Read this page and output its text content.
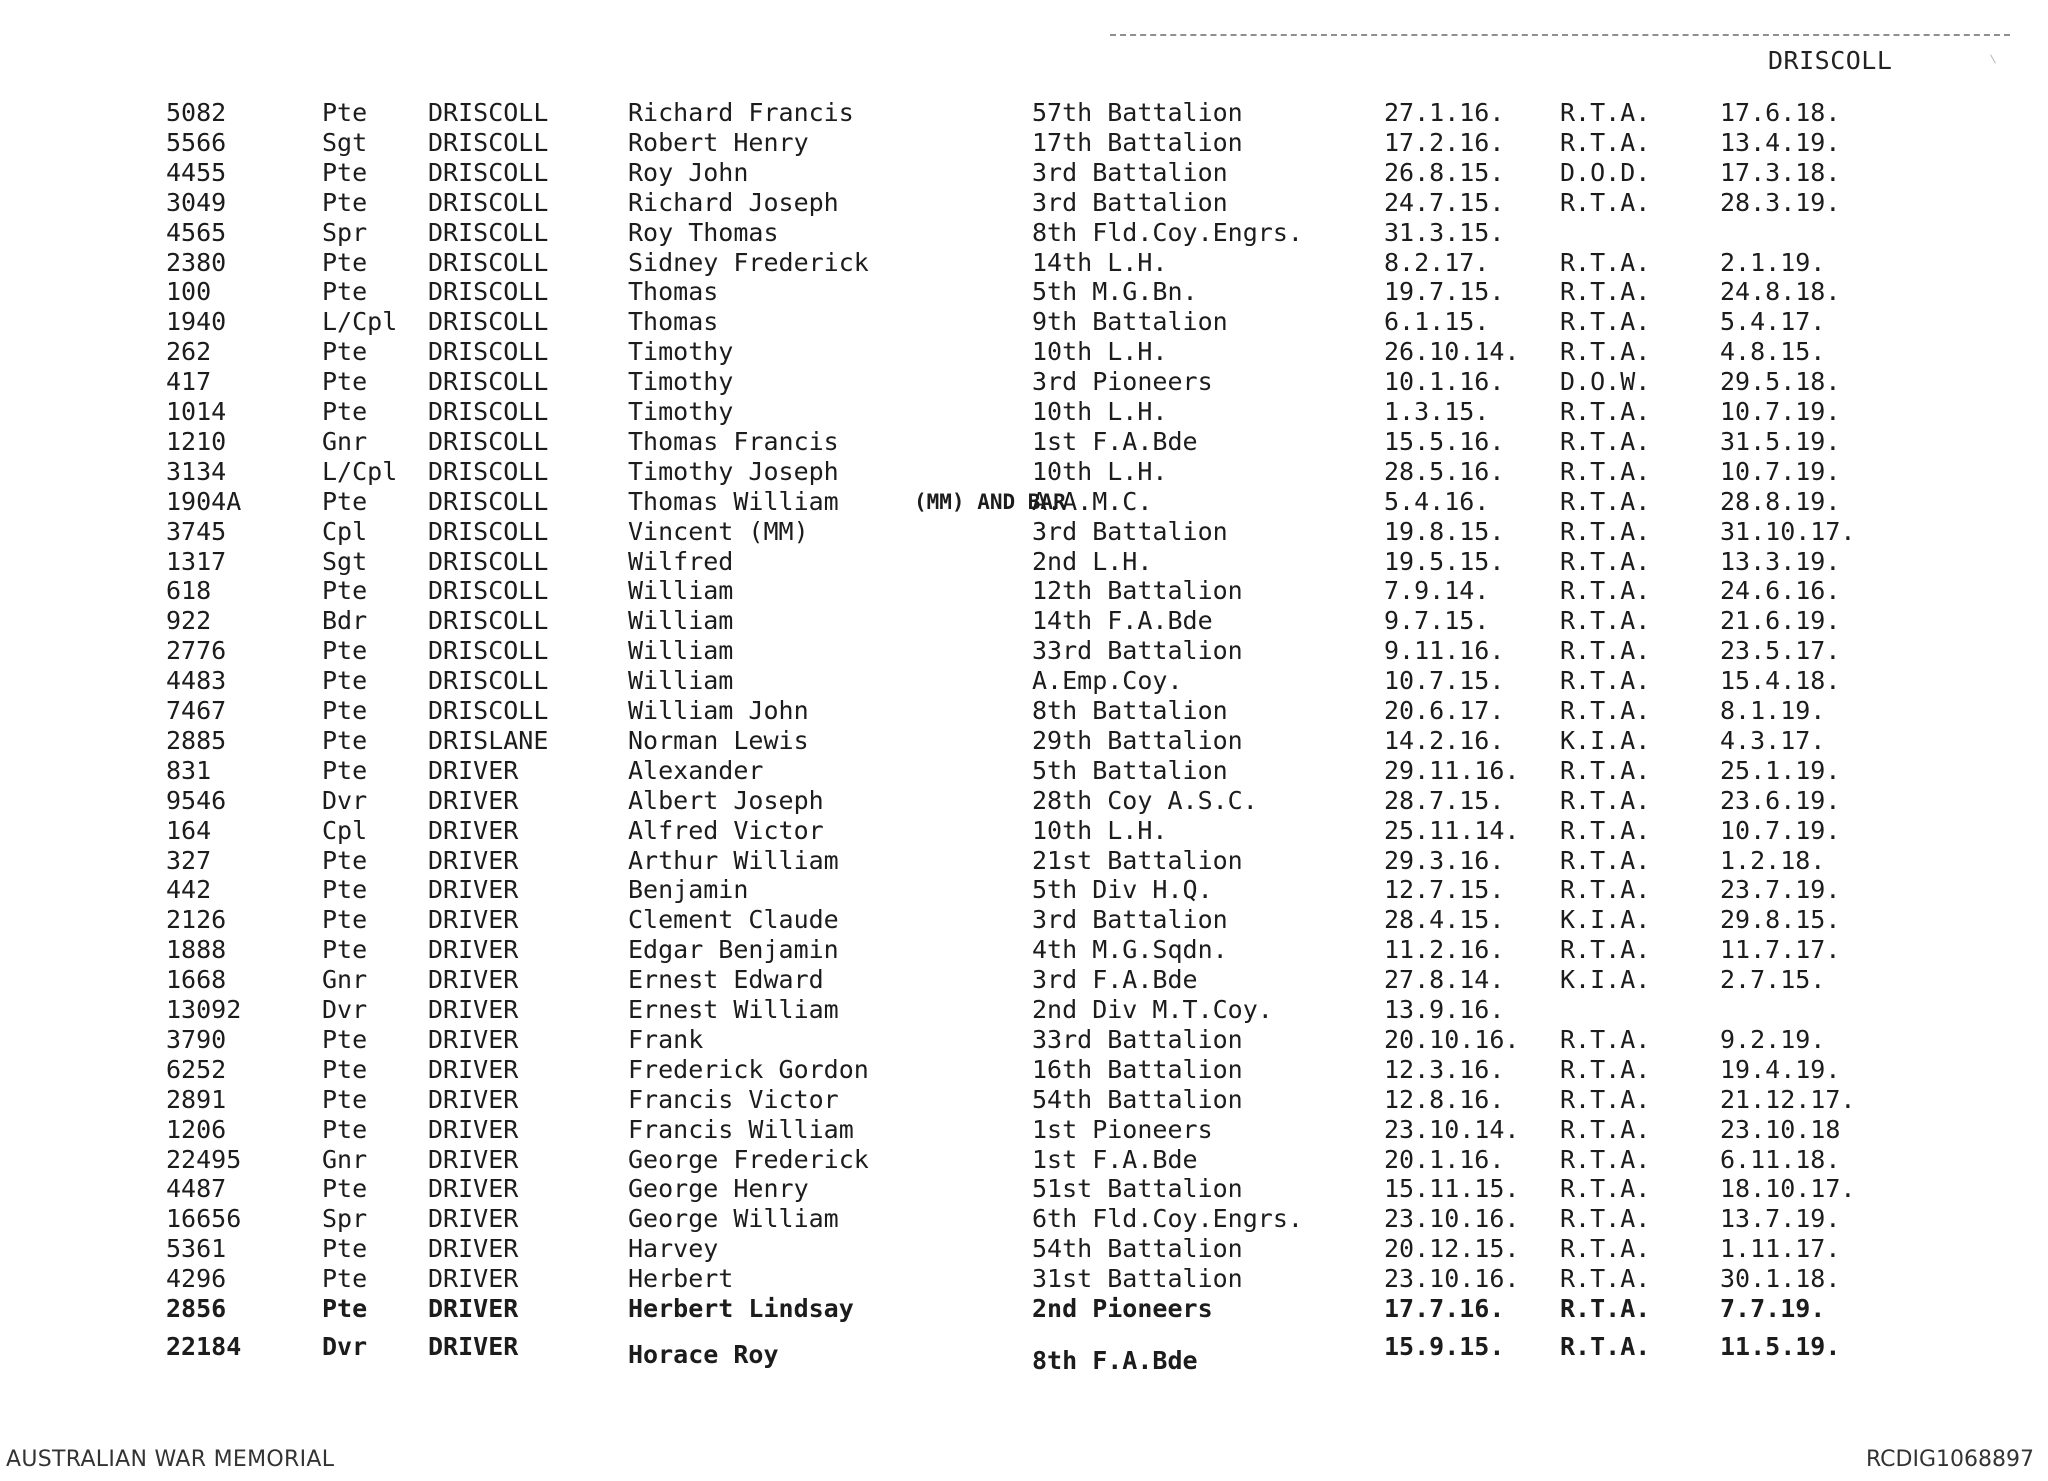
DRISCOLL
5082	Pte DRISCOLL	Richard Francis	57th Battalion	27.1.16. R.T.A.	17.6.18.
5566	Sgt DRISCOLL	Robert Henry	17th Battalion	17.2.16. R.T.A.	13.4.19.
4455	Pte DRISCOLL	Roy John	3rd Battalion	26.8.15. D.O.D.	17.3.18.
3049	Pte DRISCOLL	Richard Joseph	3rd Battalion	24.7.15. R.T.A.	28.3.19.
4565	Spr DRISCOLL	Roy Thomas	8th Fld.Coy.Engrs.	31.3.15.
2380	Pte DRISCOLL	Sidney Frederick	14th L.H.	8.2.17.	R.T.A.	2.1.19.
100	Pte DRISCOLL	Thomas	5th M.G.Bn.	19.7.15. R.T.A.	24.8.18.
1940	L/Cpl DRISCOLL	Thomas	9th Battalion	6.1.15.	R.T.A.	5.4.17.
262	Pte DRISCOLL	Timothy	10th L.H.	26.10.14. R.T.A.	4.8.15.
417	Pte DRISCOLL	Timothy	3rd Pioneers	10.1.16. D.O.W.	29.5.18.
1014	Pte DRISCOLL	Timothy	10th L.H.	1.3.15.	R.T.A.	10.7.19.
1210	Gnr DRISCOLL	Thomas Francis	1st F.A.Bde	15.5.16. R.T.A.	31.5.19.
3134	L/Cpl DRISCOLL	Timothy Joseph	10th L.H.	28.5.16. R.T.A.	10.7.19.
1904A	Pte DRISCOLL	Thomas William	A.A.M.C.	5.4.16.	R.T.A.	28.8.19.
(MM) AND BAR
3745	Cpl DRISCOLL	Vincent (MM)	3rd Battalion	19.8.15. R.T.A.	31.10.17.
1317	Sgt DRISCOLL	Wilfred	2nd L.H.	19.5.15. R.T.A.	13.3.19.
618	Pte DRISCOLL	William	12th Battalion	7.9.14.	R.T.A.	24.6.16.
922	Bdr DRISCOLL	William	14th F.A.Bde	9.7.15.	R.T.A.	21.6.19.
2776	Pte DRISCOLL	William	33rd Battalion	9.11.16. R.T.A.	23.5.17.
4483	Pte DRISCOLL	William	A.Emp.Coy.	10.7.15. R.T.A.	15.4.18.
7467	Pte DRISCOLL	William John	8th Battalion	20.6.17. R.T.A.	8.1.19.
2885	Pte DRISLANE	Norman Lewis	29th Battalion	14.2.16. K.I.A.	4.3.17.
831	Pte DRIVER	Alexander	5th Battalion	29.11.16. R.T.A.	25.1.19.
9546	Dvr DRIVER	Albert Joseph	28th Coy A.S.C.	28.7.15. R.T.A.	23.6.19.
164	Cpl DRIVER	Alfred Victor	10th L.H.	25.11.14. R.T.A.	10.7.19.
327	Pte DRIVER	Arthur William	21st Battalion	29.3.16. R.T.A.	1.2.18.
442	Pte DRIVER	Benjamin	5th Div H.Q.	12.7.15. R.T.A.	23.7.19.
2126	Pte DRIVER	Clement Claude	3rd Battalion	28.4.15. K.I.A.	29.8.15.
1888	Pte DRIVER	Edgar Benjamin	4th M.G.Sqdn.	11.2.16. R.T.A.	11.7.17.
1668	Gnr DRIVER	Ernest Edward	3rd F.A.Bde	27.8.14. K.I.A.	2.7.15.
13092	Dvr DRIVER	Ernest William	2nd Div M.T.Coy.	13.9.16.
3790	Pte DRIVER	Frank	33rd Battalion	20.10.16. R.T.A.	9.2.19.
6252	Pte DRIVER	Frederick Gordon	16th Battalion	12.3.16. R.T.A.	19.4.19.
2891	Pte DRIVER	Francis Victor	54th Battalion	12.8.16. R.T.A.	21.12.17.
1206	Pte DRIVER	Francis William	1st Pioneers	23.10.14. R.T.A.	23.10.18
22495	Gnr DRIVER	George Frederick	1st F.A.Bde	20.1.16. R.T.A.	6.11.18.
4487	Pte DRIVER	George Henry	51st Battalion	15.11.15. R.T.A.	18.10.17.
16656	Spr DRIVER	George William	6th Fld.Coy.Engrs.	23.10.16. R.T.A.	13.7.19.
5361	Pte DRIVER	Harvey	54th Battalion	20.12.15. R.T.A.	1.11.17.
4296	Pte DRIVER	Herbert	31st Battalion	23.10.16. R.T.A.	30.1.18.
2856	Pte DRIVER	Herbert Lindsay	2nd Pioneers	17.7.16. R.T.A.	7.7.19.
22184	Dvr DRIVER	Horace Roy	8th F.A.Bde	15.9.15. R.T.A.	11.5.19.
AUSTRALIAN WAR MEMORIAL	RCDIG1068897
